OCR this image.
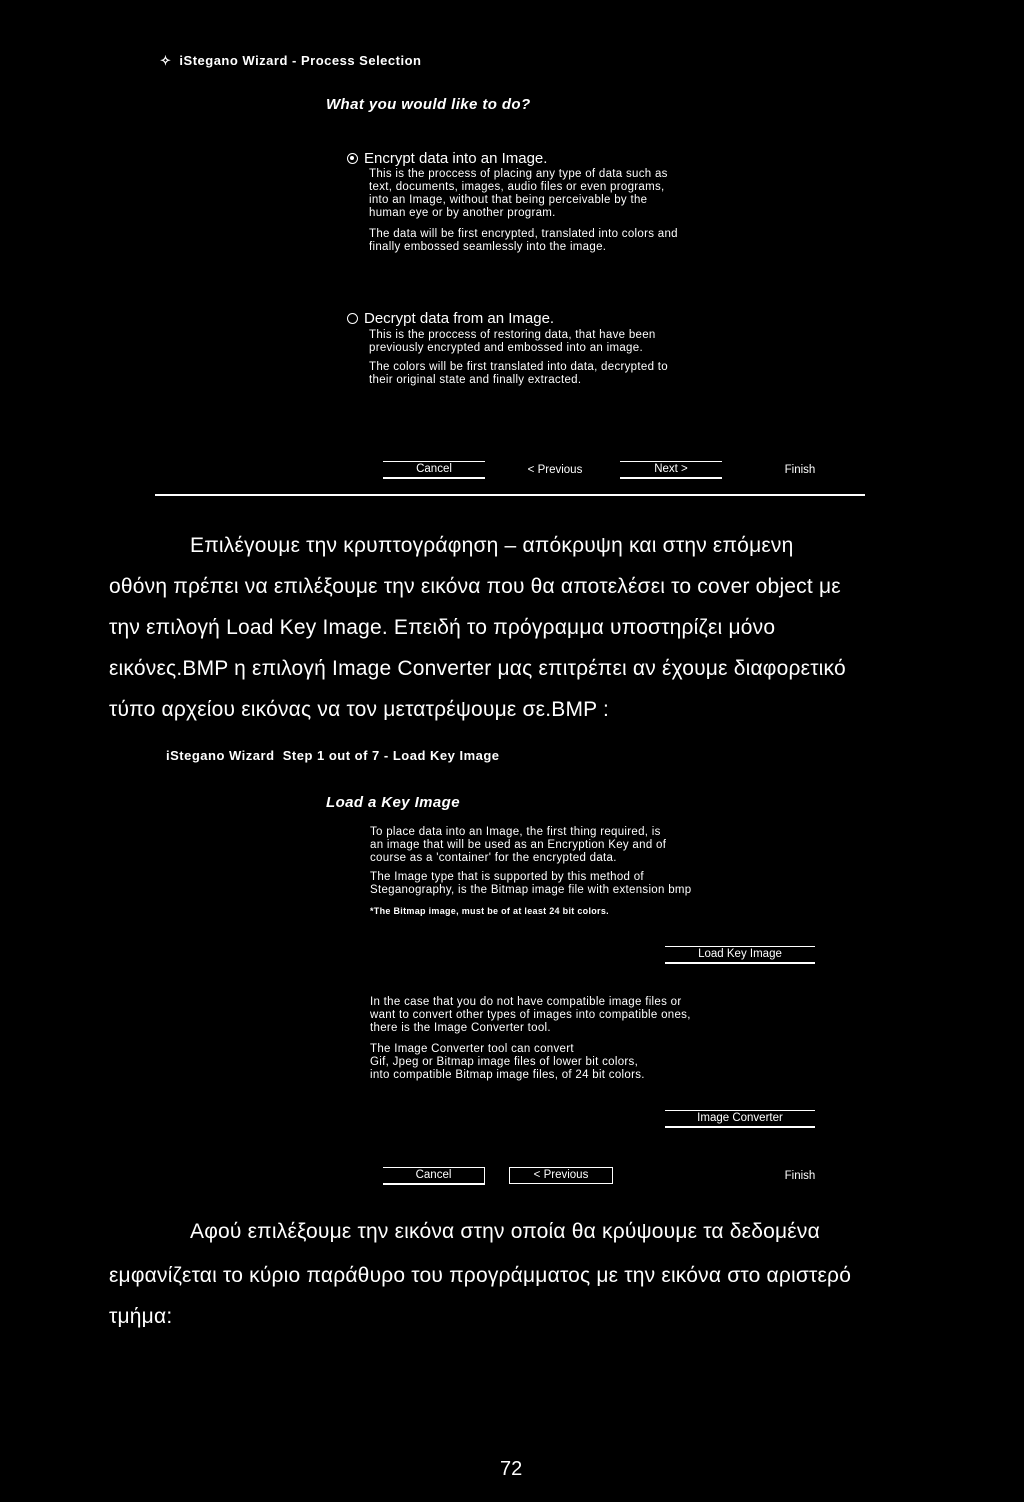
✧ iStegano Wizard - Process Selection
What you would like to do?
Encrypt data into an Image.
This is the proccess of placing any type of data such as
text, documents, images, audio files or even programs,
into an Image, without that being perceivable by the
human eye or by another program.
The data will be first encrypted, translated into colors and
finally embossed seamlessly into the image.
Decrypt data from an Image.
This is the proccess of restoring data, that have been
previously encrypted and embossed into an image.
The colors will be first translated into data, decrypted to
their original state and finally extracted.
Cancel	< Previous	Next >	Finish
Επιλέγουμε την κρυπτογράφηση – απόκρυψη και στην επόμενη
οθόνη πρέπει να επιλέξουμε την εικόνα που θα αποτελέσει το cover object με
την επιλογή Load Key Image. Επειδή το πρόγραμμα υποστηρίζει μόνο
εικόνες.BMP η επιλογή Image Converter μας επιτρέπει αν έχουμε διαφορετικό
τύπο αρχείου εικόνας να τον μετατρέψουμε σε.BMP :
iStegano Wizard  Step 1 out of 7 - Load Key Image
Load a Key Image
To place data into an Image, the first thing required, is
an image that will be used as an Encryption Key and of
course as a 'container' for the encrypted data.
The Image type that is supported by this method of
Steganography, is the Bitmap image file with extension bmp
*The Bitmap image, must be of at least 24 bit colors.
Load Key Image
In the case that you do not have compatible image files or
want to convert other types of images into compatible ones,
there is the Image Converter tool.
The Image Converter tool can convert
Gif, Jpeg or Bitmap image files of lower bit colors,
into compatible Bitmap image files, of 24 bit colors.
Image Converter
Cancel	< Previous	Finish
Αφού επιλέξουμε την εικόνα στην οποία θα κρύψουμε τα δεδομένα
εμφανίζεται το κύριο παράθυρο του προγράμματος με την εικόνα στο αριστερό
τμήμα:
72
